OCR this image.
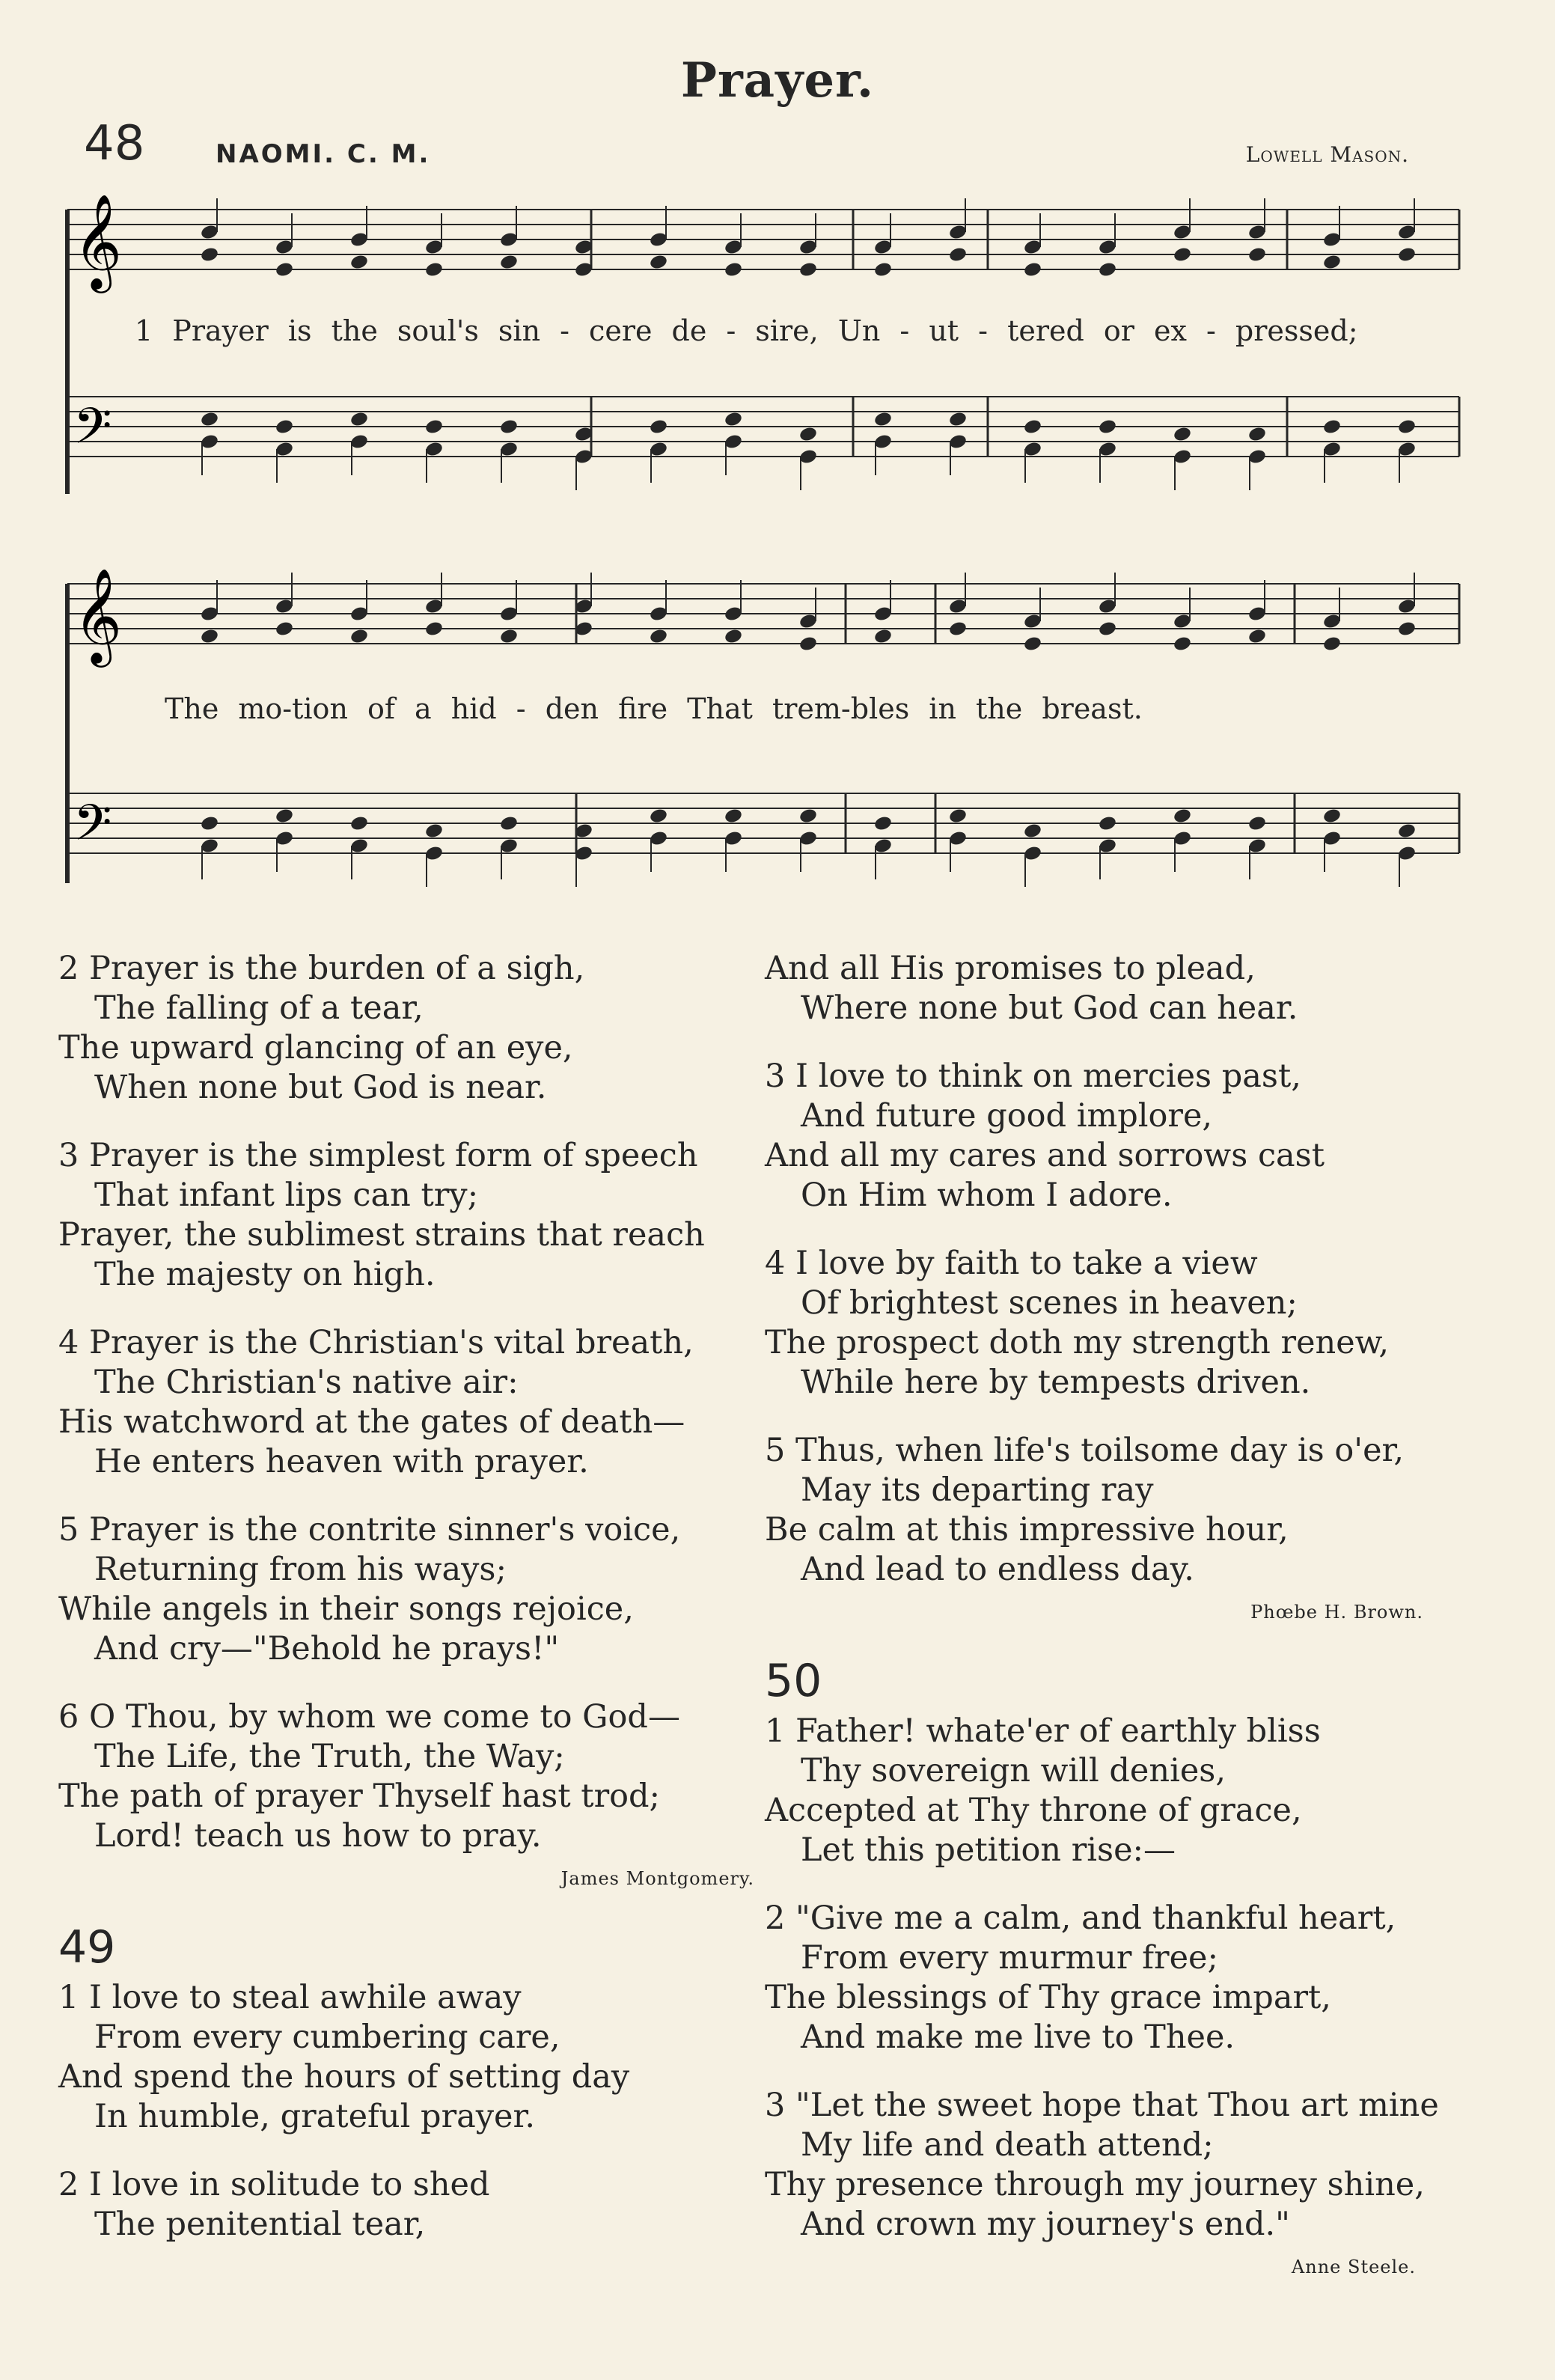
Prayer.
48	NAOMI. C. M.	Lowell Mason.
𝄞
𝄢
1 Prayer is the soul's sin - cere de - sire, Un - ut - tered or ex - pressed;
𝄞
𝄢
The mo-tion of a hid - den fire That trem-bles in the breast.
2 Prayer is the burden of a sigh,
The falling of a tear,
The upward glancing of an eye,
When none but God is near.
3 Prayer is the simplest form of speech
That infant lips can try;
Prayer, the sublimest strains that reach
The majesty on high.
4 Prayer is the Christian's vital breath,
The Christian's native air:
His watchword at the gates of death—
He enters heaven with prayer.
5 Prayer is the contrite sinner's voice,
Returning from his ways;
While angels in their songs rejoice,
And cry—"Behold he prays!"
6 O Thou, by whom we come to God—
The Life, the Truth, the Way;
The path of prayer Thyself hast trod;
Lord! teach us how to pray.
James Montgomery.
49
1 I love to steal awhile away
From every cumbering care,
And spend the hours of setting day
In humble, grateful prayer.
2 I love in solitude to shed
The penitential tear,
And all His promises to plead,
Where none but God can hear.
3 I love to think on mercies past,
And future good implore,
And all my cares and sorrows cast
On Him whom I adore.
4 I love by faith to take a view
Of brightest scenes in heaven;
The prospect doth my strength renew,
While here by tempests driven.
5 Thus, when life's toilsome day is o'er,
May its departing ray
Be calm at this impressive hour,
And lead to endless day.
Phœbe H. Brown.
50
1 Father! whate'er of earthly bliss
Thy sovereign will denies,
Accepted at Thy throne of grace,
Let this petition rise:—
2 "Give me a calm, and thankful heart,
From every murmur free;
The blessings of Thy grace impart,
And make me live to Thee.
3 "Let the sweet hope that Thou art mine
My life and death attend;
Thy presence through my journey shine,
And crown my journey's end."
Anne Steele.
